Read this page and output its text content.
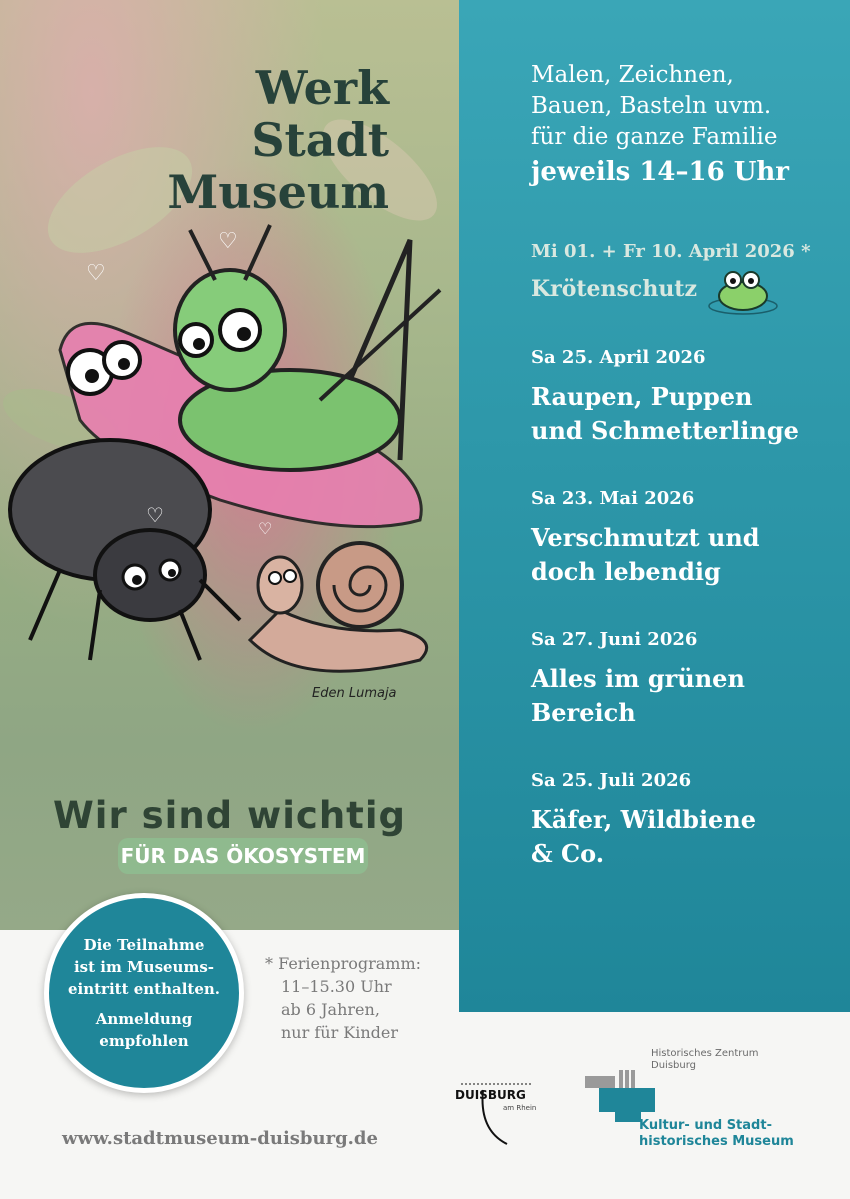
♡
♡
♡
♡
Werk
Stadt
Museum
Eden Lumaja
Wir sind wichtig
FÜR DAS ÖKOSYSTEM
Malen, Zeichnen,
Bauen, Basteln uvm.
für die ganze Familie
jeweils 14–16 Uhr
Mi 01. + Fr 10. April 2026 *
Krötenschutz
Sa 25. April 2026
Raupen, Puppen
und Schmetterlinge
Sa 23. Mai 2026
Verschmutzt und
doch lebendig
Sa 27. Juni 2026
Alles im grünen
Bereich
Sa 25. Juli 2026
Käfer, Wildbiene
& Co.
Die Teilnahme
ist im Museums-
eintritt enthalten.
Anmeldung
empfohlen
* Ferienprogramm:
11–15.30 Uhr
ab 6 Jahren,
nur für Kinder
www.stadtmuseum-duisburg.de
DUISBURG
am Rhein
Historisches Zentrum
Duisburg
Kultur- und Stadt-
historisches Museum
